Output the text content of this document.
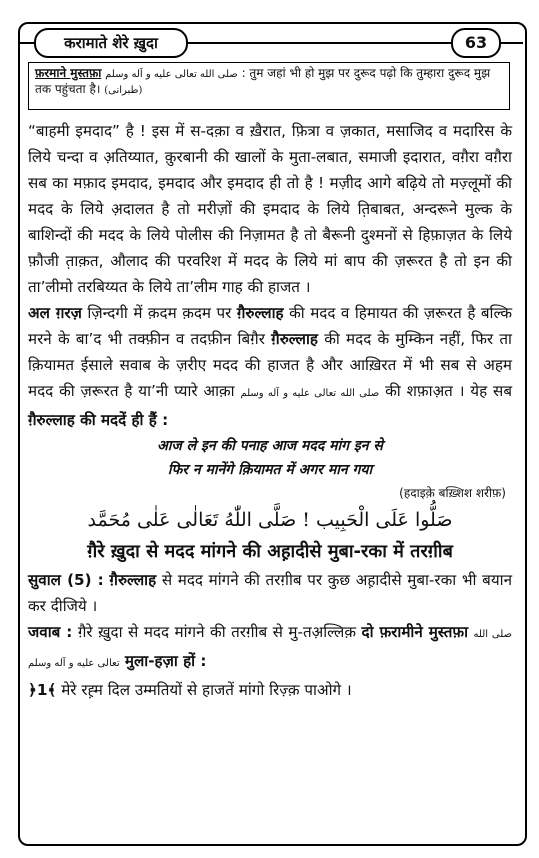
करामाते शेरे ख़ुदा	63
फ़रमाने मुस्तफ़ा صلى الله تعالى عليه و آله وسلم : तुम जहां भी हो मुझ पर दुरूद पढ़ो कि तुम्हारा दुरूद मुझ तक पहुंचता है। (طبرانی)

“बाहमी इमदाद” है ! इस में स-दक़ा व ख़ैरात, फ़ित्रा व ज़कात, मसाजिद व मदारिस के लिये चन्दा व अ़तिय्यात, क़ुरबानी की खालों के मुता-लबात, समाजी इदारात, वग़ैरा वग़ैरा सब का मफ़ाद इमदाद, इमदाद और इमदाद ही तो है ! मज़ीद आगे बढ़िये तो मज़्लूमों की मदद के लिये अ़दालत है तो मरीज़ों की इमदाद के लिये त़िबाबत, अन्दरूने मुल्क के बाशिन्दों की मदद के लिये पोलीस की निज़ामत है तो बैरूनी दुश्मनों से हिफ़ाज़त के लिये फ़ौजी त़ाक़त, औलाद की परवरिश में मदद के लिये मां बाप की ज़रूरत है तो इन की ता’लीमो तरबिय्यत के लिये ता’लीम गाह की हाजत ।

अल ग़रज़ ज़िन्दगी में क़दम क़दम पर ग़ैरुल्लाह की मदद व हिमायत की ज़रूरत है बल्कि मरने के बा’द भी तक्फ़ीन व तदफ़ीन बिग़ैर ग़ैरुल्लाह की मदद के मुम्किन नहीं, फिर ता क़ियामत ईसाले सवाब के ज़रीए मदद की हाजत है और आख़िरत में भी सब से अहम मदद की ज़रूरत है या’नी प्यारे आक़ा صلى الله تعالى عليه و آله وسلم की शफ़ाअ़त । येह सब ग़ैरुल्लाह की मददें ही हैं :

आज ले इन की पनाह आज मदद मांग इन से
फिर न मानेंगे क़ियामत में अगर मान गया
(हदाइके़ बख़्शिश शरीफ़)
صَلُّوا عَلَى الْحَبِيب ! صَلَّى اللّٰهُ تَعَالٰى عَلٰى مُحَمَّد
ग़ैरे ख़ुदा से मदद मांगने की अह़ादीसे मुबा-रका में तरग़ीब

सुवाल (5) : ग़ैरुल्लाह से मदद मांगने की तरग़ीब पर कुछ अह़ादीसे मुबा-रका भी बयान कर दीजिये ।

जवाब : ग़ैरे ख़ुदा से मदद मांगने की तरग़ीब से मु-तअ़ल्लिक़ दो फ़रामीने मुस्तफ़ा صلى الله تعالى عليه و آله وسلم मुला-हज़ा हों :

﴿1﴾ मेरे रह़्म दिल उम्मतियों से हाजतें मांगो रिज़्क़ पाओगे ।
